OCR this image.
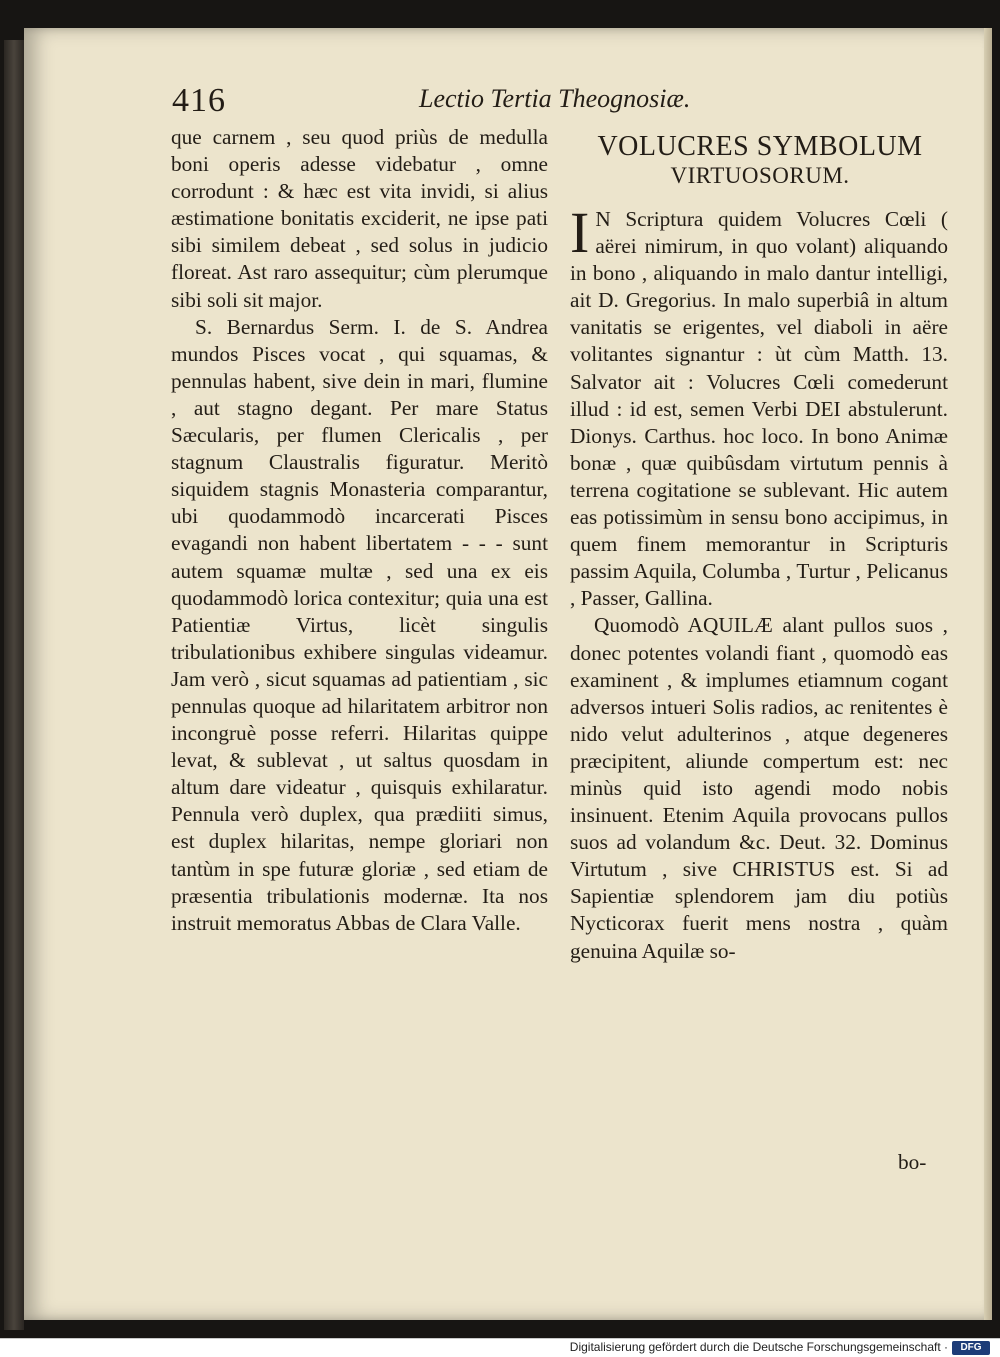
416	Lectio Tertia Theognosiæ.

que carnem , seu quod priùs de medulla boni operis adesse videbatur , omne corrodunt : & hæc est vita invidi, si alius æstimatione bonitatis exciderit, ne ipse pati sibi similem debeat , sed solus in judicio floreat. Ast raro assequitur; cùm plerumque sibi soli sit major.

S. Bernardus Serm. I. de S. Andrea mundos Pisces vocat , qui squamas, & pennulas habent, sive dein in mari, flumine , aut stagno degant. Per mare Status Sæcularis, per flumen Clericalis , per stagnum Claustralis figuratur. Meritò siquidem stagnis Monasteria comparantur, ubi quodammodò incarcerati Pisces evagandi non habent libertatem - - - sunt autem squamæ multæ , sed una ex eis quodammodò lorica contexitur; quia una est Patientiæ Virtus, licèt singulis tribulationibus exhibere singulas videamur. Jam verò , sicut squamas ad patientiam , sic pennulas quoque ad hilaritatem arbitror non incongruè posse referri. Hilaritas quippe levat, & sublevat , ut saltus quosdam in altum dare videatur , quisquis exhilaratur. Pennula verò duplex, qua prædiiti simus, est duplex hilaritas, nempe gloriari non tantùm in spe futuræ gloriæ , sed etiam de præsentia tribulationis modernæ. Ita nos instruit memoratus Abbas de Clara Valle.

VOLUCRES SYMBOLUM
VIRTUOSORUM.

I N Scriptura quidem Volucres Cœli ( aërei nimirum, in quo volant) aliquando in bono , aliquando in malo dantur intelligi, ait D. Gregorius. In malo superbiâ in altum vanitatis se erigentes, vel diaboli in aëre volitantes signantur : ùt cùm Matth. 13. Salvator ait : Volucres Cœli comederunt illud : id est, semen Verbi DEI abstulerunt. Dionys. Carthus. hoc loco. In bono Animæ bonæ , quæ quibûsdam virtutum pennis à terrena cogitatione se sublevant. Hic autem eas potissimùm in sensu bono accipimus, in quem finem memorantur in Scripturis passim Aquila, Columba , Turtur , Pelicanus , Passer, Gallina.

Quomodò AQUILÆ alant pullos suos , donec potentes volandi fiant , quomodò eas examinent , & implumes etiamnum cogant adversos intueri Solis radios, ac renitentes è nido velut adulterinos , atque degeneres præcipitent, aliunde compertum est: nec minùs quid isto agendi modo nobis insinuent. Etenim Aquila provocans pullos suos ad volandum &c. Deut. 32. Dominus Virtutum , sive CHRISTUS est. Si ad Sapientiæ splendorem jam diu potiùs Nycticorax fuerit mens nostra , quàm genuina Aquilæ so-

bo-
Digitalisierung gefördert durch die Deutsche Forschungsgemeinschaft ·	DFG
